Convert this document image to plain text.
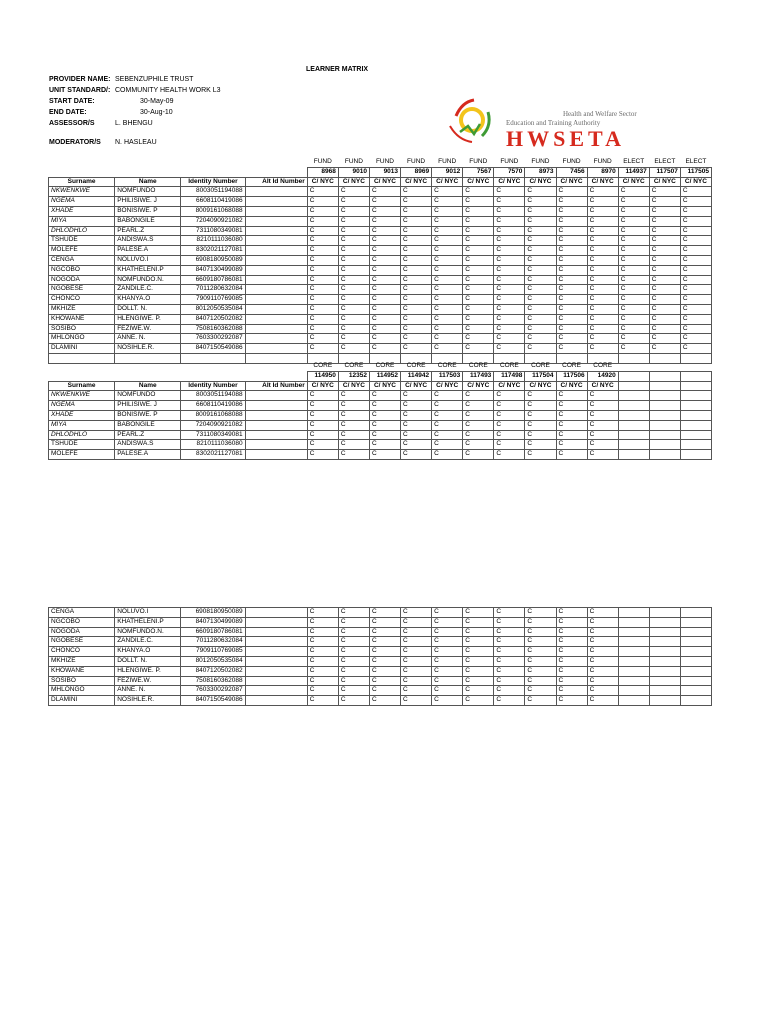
LEARNER MATRIX
PROVIDER NAME: SEBENZUPHILE TRUST
UNIT STANDARD/: COMMUNITY HEALTH WORK L3
START DATE:	30-May-09
END DATE:	30-Aug-10
ASSESSOR/S	L. BHENGU
MODERATOR/S N. HASLEAU
Health and Welfare Sector
Education and Training Authority
HWSETA
				FUND	FUND	FUND	FUND	FUND	FUND	FUND	FUND	FUND	FUND	ELECT	ELECT	ELECT
				8968	9010	9013	8969	9012	7567	7570	8973	7456	8970	114937	117507	117505
Surname	Name	Identity Number	Alt Id Number	C/ NYC	C/ NYC	C/ NYC	C/ NYC	C/ NYC	C/ NYC	C/ NYC	C/ NYC	C/ NYC	C/ NYC	C/ NYC	C/ NYC	C/ NYC
NKWENKWE	NOMFUNDO	8003051194088		C	C	C	C	C	C	C	C	C	C	C	C	C
NGEMA	PHILISIWE. J	6608110419086		C	C	C	C	C	C	C	C	C	C	C	C	C
XHADE	BONISIWE. P	8009161068088		C	C	C	C	C	C	C	C	C	C	C	C	C
MIYA	BABONGILE	7204090921082		C	C	C	C	C	C	C	C	C	C	C	C	C
DHLODHLO	PEARL.Z	7311080349081		C	C	C	C	C	C	C	C	C	C	C	C	C
TSHUDE	ANDISWA.S	8210111036080		C	C	C	C	C	C	C	C	C	C	C	C	C
MOLEFE	PALESE.A	8302021127081		C	C	C	C	C	C	C	C	C	C	C	C	C
CENGA	NOLUVO.I	6908180950089		C	C	C	C	C	C	C	C	C	C	C	C	C
NGCOBO	KHATHELENI.P	8407130499089		C	C	C	C	C	C	C	C	C	C	C	C	C
NOGODA	NOMFUNDO.N.	6609180786081		C	C	C	C	C	C	C	C	C	C	C	C	C
NGOBESE	ZANDILE.C.	7011280632084		C	C	C	C	C	C	C	C	C	C	C	C	C
CHONCO	KHANYA.O	7909110769085		C	C	C	C	C	C	C	C	C	C	C	C	C
MKHIZE	DOLLT. N.	8012050535084		C	C	C	C	C	C	C	C	C	C	C	C	C
KHOWANE	HLENGIWE. P.	8407120502082		C	C	C	C	C	C	C	C	C	C	C	C	C
SOSIBO	FEZIWE.W.	7508160362088		C	C	C	C	C	C	C	C	C	C	C	C	C
MHLONGO	ANNE. N.	7603300292087		C	C	C	C	C	C	C	C	C	C	C	C	C
DLAMINI	NOSIHLE.R.	8407150549086		C	C	C	C	C	C	C	C	C	C	C	C	C

				CORE	CORE	CORE	CORE	CORE	CORE	CORE	CORE	CORE	CORE			
				114950	12352	114952	114942	117503	117493	117498	117504	117506	14920			
Surname	Name	Identity Number	Alt Id Number	C/ NYC	C/ NYC	C/ NYC	C/ NYC	C/ NYC	C/ NYC	C/ NYC	C/ NYC	C/ NYC	C/ NYC			
NKWENKWE	NOMFUNDO	8003051194088		C	C	C	C	C	C	C	C	C	C			
NGEMA	PHILISIWE. J	6608110419086		C	C	C	C	C	C	C	C	C	C			
XHADE	BONISIWE. P	8009161068088		C	C	C	C	C	C	C	C	C	C			
MIYA	BABONGILE	7204090921082		C	C	C	C	C	C	C	C	C	C			
DHLODHLO	PEARL.Z	7311080349081		C	C	C	C	C	C	C	C	C	C			
TSHUDE	ANDISWA.S	8210111036080		C	C	C	C	C	C	C	C	C	C			
MOLEFE	PALESE.A	8302021127081		C	C	C	C	C	C	C	C	C	C			
CENGA	NOLUVO.I	6908180950089		C	C	C	C	C	C	C	C	C	C			
NGCOBO	KHATHELENI.P	8407130499089		C	C	C	C	C	C	C	C	C	C			
NOGODA	NOMFUNDO.N.	6609180786081		C	C	C	C	C	C	C	C	C	C			
NGOBESE	ZANDILE.C.	7011280632084		C	C	C	C	C	C	C	C	C	C			
CHONCO	KHANYA.O	7909110769085		C	C	C	C	C	C	C	C	C	C			
MKHIZE	DOLLT. N.	8012050535084		C	C	C	C	C	C	C	C	C	C			
KHOWANE	HLENGIWE. P.	8407120502082		C	C	C	C	C	C	C	C	C	C			
SOSIBO	FEZIWE.W.	7508160362088		C	C	C	C	C	C	C	C	C	C			
MHLONGO	ANNE. N.	7603300292087		C	C	C	C	C	C	C	C	C	C			
DLAMINI	NOSIHLE.R.	8407150549086		C	C	C	C	C	C	C	C	C	C			
